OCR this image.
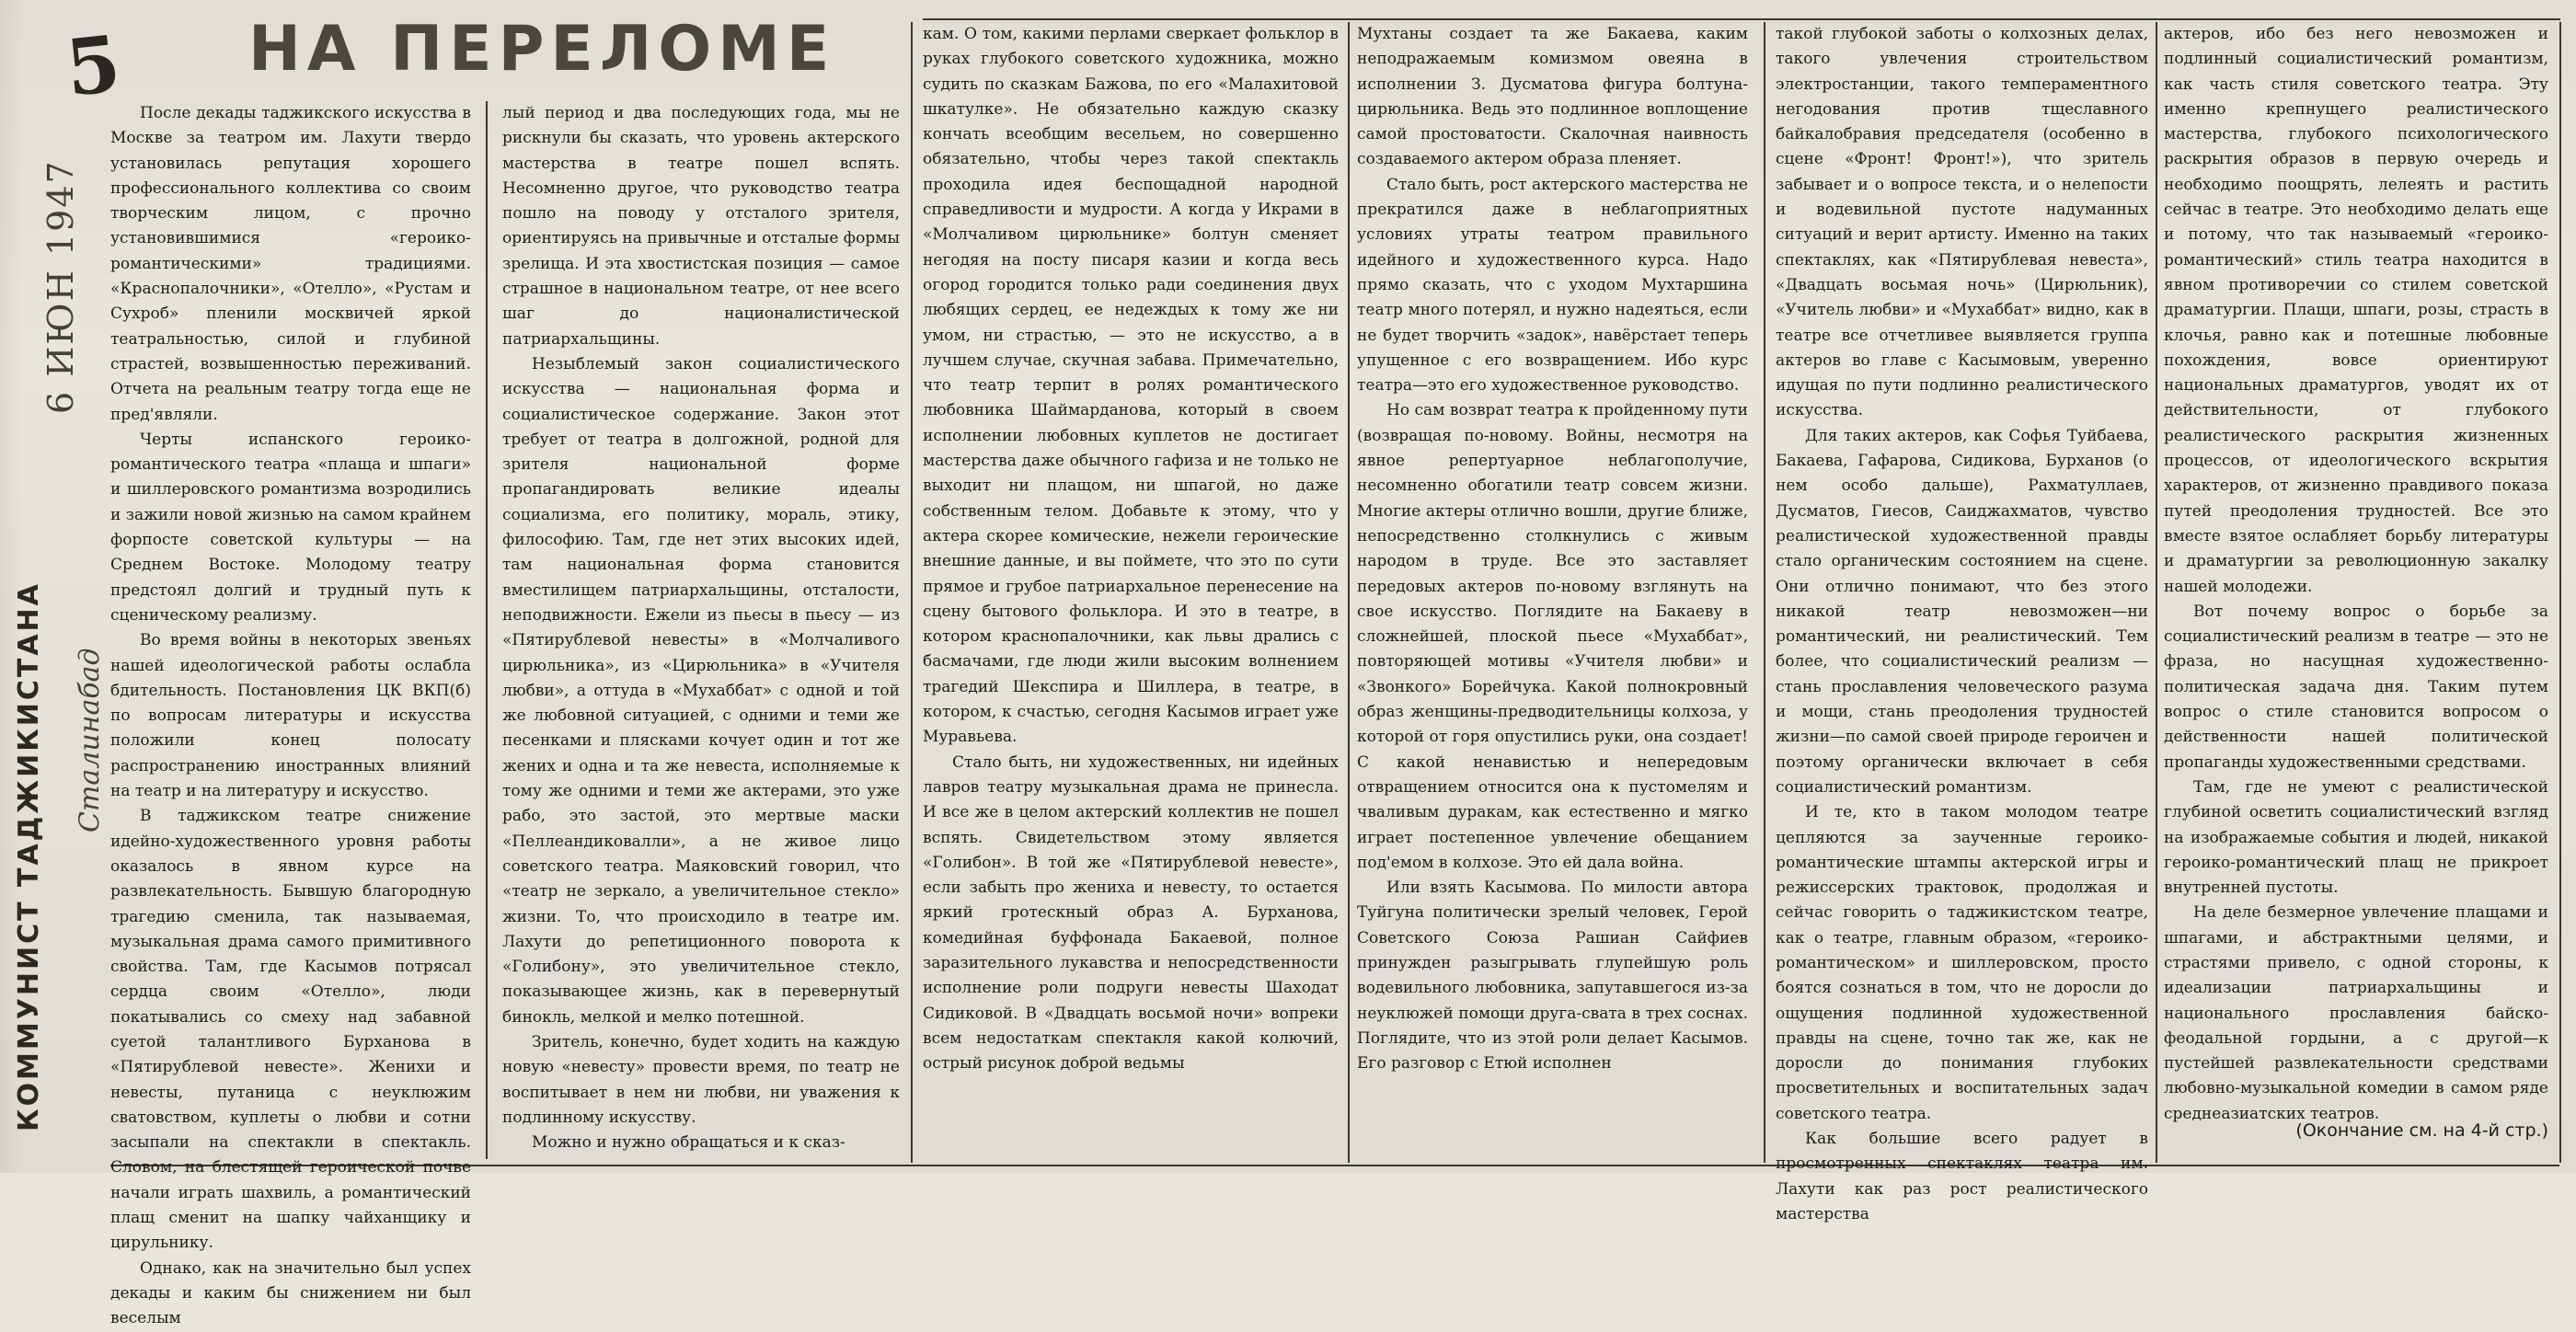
5
6 ИЮН 1947
Сталинабад
КОММУНИСТ ТАДЖИКИСТАНА
НА ПЕРЕЛОМЕ

После декады таджикского искусства в Москве за театром им. Лахути твердо установилась репутация хорошего профессионального коллектива со своим творческим лицом, с прочно установившимися «героико-романтическими» традициями. «Краснопалочники», «Отелло», «Рустам и Сухроб» пленили москвичей яркой театральностью, силой и глубиной страстей, возвышенностью переживаний. Отчета на реальным театру тогда еще не пред'являли.

Черты испанского героико-романтического театра «плаща и шпаги» и шиллеровского романтизма возродились и зажили новой жизнью на самом крайнем форпосте советской культуры — на Среднем Востоке. Молодому театру предстоял долгий и трудный путь к сценическому реализму.

Во время войны в некоторых звеньях нашей идеологической работы ослабла бдительность. Постановления ЦК ВКП(б) по вопросам литературы и искусства положили конец полосату распространению иностранных влияний на театр и на литературу и искусство.

В таджикском театре снижение идейно-художественного уровня работы оказалось в явном курсе на развлекательность. Бывшую благородную трагедию сменила, так называемая, музыкальная драма самого примитивного свойства. Там, где Касымов потрясал сердца своим «Отелло», люди покатывались со смеху над забавной суетой талантливого Бурханова в «Пятирублевой невесте». Женихи и невесты, путаница с неуклюжим сватовством, куплеты о любви и сотни засыпали на спектакли в спектакль. Словом, на блестящей героической почве начали играть шахвиль, а романтический плащ сменит на шапку чайханщику и цирульнику.

Однако, как на значительно был успех декады и каким бы снижением ни был веселым

лый период и два последующих года, мы не рискнули бы сказать, что уровень актерского мастерства в театре пошел вспять. Несомненно другое, что руководство театра пошло на поводу у отсталого зрителя, ориентируясь на привычные и отсталые формы зрелища. И эта хвостистская позиция — самое страшное в национальном театре, от нее всего шаг до националистической патриархальщины.

Незыблемый закон социалистического искусства — национальная форма и социалистическое содержание. Закон этот требует от театра в долгожной, родной для зрителя национальной форме пропагандировать великие идеалы социализма, его политику, мораль, этику, философию. Там, где нет этих высоких идей, там национальная форма становится вместилищем патриархальщины, отсталости, неподвижности. Ежели из пьесы в пьесу — из «Пятирублевой невесты» в «Молчаливого цирюльника», из «Цирюльника» в «Учителя любви», а оттуда в «Мухаббат» с одной и той же любовной ситуацией, с одними и теми же песенками и плясками кочует один и тот же жених и одна и та же невеста, исполняемые к тому же одними и теми же актерами, это уже рабо, это застой, это мертвые маски «Пеллеандиковалли», а не живое лицо советского театра. Маяковский говорил, что «театр не зеркало, а увеличительное стекло» жизни. То, что происходило в театре им. Лахути до репетиционного поворота к «Голибону», это увеличительное стекло, показывающее жизнь, как в перевернутый бинокль, мелкой и мелко потешной.

Зритель, конечно, будет ходить на каждую новую «невесту» провести время, по театр не воспитывает в нем ни любви, ни уважения к подлинному искусству.

Можно и нужно обращаться и к сказ-

кам. О том, какими перлами сверкает фольклор в руках глубокого советского художника, можно судить по сказкам Бажова, по его «Малахитовой шкатулке». Не обязательно каждую сказку кончать всеобщим весельем, но совершенно обязательно, чтобы через такой спектакль проходила идея беспощадной народной справедливости и мудрости. А когда у Икрами в «Молчаливом цирюльнике» болтун сменяет негодяя на посту писаря казии и когда весь огород городится только ради соединения двух любящих сердец, ее недеждых к тому же ни умом, ни страстью, — это не искусство, а в лучшем случае, скучная забава. Примечательно, что театр терпит в ролях романтического любовника Шаймарданова, который в своем исполнении любовных куплетов не достигает мастерства даже обычного гафиза и не только не выходит ни плащом, ни шпагой, но даже собственным телом. Добавьте к этому, что у актера скорее комические, нежели героические внешние данные, и вы поймете, что это по сути прямое и грубое патриархальное перенесение на сцену бытового фольклора. И это в театре, в котором краснопалочники, как львы дрались с басмачами, где люди жили высоким волнением трагедий Шекспира и Шиллера, в театре, в котором, к счастью, сегодня Касымов играет уже Муравьева.

Стало быть, ни художественных, ни идейных лавров театру музыкальная драма не принесла. И все же в целом актерский коллектив не пошел вспять. Свидетельством этому является «Голибон». В той же «Пятирублевой невесте», если забыть про жениха и невесту, то остается яркий гротескный образ А. Бурханова, комедийная буффонада Бакаевой, полное заразительного лукавства и непосредственности исполнение роли подруги невесты Шаходат Сидиковой. В «Двадцать восьмой ночи» вопреки всем недостаткам спектакля какой колючий, острый рисунок доброй ведьмы

Мухтаны создает та же Бакаева, каким неподражаемым комизмом овеяна в исполнении З. Дусматова фигура болтуна-цирюльника. Ведь это подлинное воплощение самой простоватости. Скалочная наивность создаваемого актером образа пленяет.

Стало быть, рост актерского мастерства не прекратился даже в неблагоприятных условиях утраты театром правильного идейного и художественного курса. Надо прямо сказать, что с уходом Мухтаршина театр много потерял, и нужно надеяться, если не будет творчить «задок», навёрстает теперь упущенное с его возвращением. Ибо курс театра—это его художественное руководство.

Но сам возврат театра к пройденному пути (возвращая по-новому. Войны, несмотря на явное репертуарное неблагополучие, несомненно обогатили театр совсем жизни. Многие актеры отлично вошли, другие ближе, непосредственно столкнулись с живым народом в труде. Все это заставляет передовых актеров по-новому взглянуть на свое искусство. Поглядите на Бакаеву в сложнейшей, плоской пьесе «Мухаббат», повторяющей мотивы «Учителя любви» и «Звонкого» Борейчука. Какой полнокровный образ женщины-предводительницы колхоза, у которой от горя опустились руки, она создает! С какой ненавистью и непередовым отвращением относится она к пустомелям и чваливым дуракам, как естественно и мягко играет постепенное увлечение обещанием под'емом в колхозе. Это ей дала война.

Или взять Касымова. По милости автора Туйгуна политически зрелый человек, Герой Советского Союза Рашиан Сайфиев принужден разыгрывать глупейшую роль водевильного любовника, запутавшегося из-за неуклюжей помощи друга-свата в трех соснах. Поглядите, что из этой роли делает Касымов. Его разговор с Етюй исполнен

такой глубокой заботы о колхозных делах, такого увлечения строительством электростанции, такого темпераментного негодования против тщеславного байкалобравия председателя (особенно в сцене «Фронт! Фронт!»), что зритель забывает и о вопросе текста, и о нелепости и водевильной пустоте надуманных ситуаций и верит артисту. Именно на таких спектаклях, как «Пятирублевая невеста», «Двадцать восьмая ночь» (Цирюльник), «Учитель любви» и «Мухаббат» видно, как в театре все отчетливее выявляется группа актеров во главе с Касымовым, уверенно идущая по пути подлинно реалистического искусства.

Для таких актеров, как Софья Туйбаева, Бакаева, Гафарова, Сидикова, Бурханов (о нем особо дальше), Рахматуллаев, Дусматов, Гиесов, Саиджахматов, чувство реалистической художественной правды стало органическим состоянием на сцене. Они отлично понимают, что без этого никакой театр невозможен—ни романтический, ни реалистический. Тем более, что социалистический реализм — стань прославления человеческого разума и мощи, стань преодоления трудностей жизни—по самой своей природе героичен и поэтому органически включает в себя социалистический романтизм.

И те, кто в таком молодом театре цепляются за заученные героико-романтические штампы актерской игры и режиссерских трактовок, продолжая и сейчас говорить о таджикистском театре, как о театре, главным образом, «героико-романтическом» и шиллеровском, просто боятся сознаться в том, что не доросли до ощущения подлинной художественной правды на сцене, точно так же, как не доросли до понимания глубоких просветительных и воспитательных задач советского театра.

Как большие всего радует в просмотренных спектаклях театра им. Лахути как раз рост реалистического мастерства

актеров, ибо без него невозможен и подлинный социалистический романтизм, как часть стиля советского театра. Эту именно крепнущего реалистического мастерства, глубокого психологического раскрытия образов в первую очередь и необходимо поощрять, лелеять и растить сейчас в театре. Это необходимо делать еще и потому, что так называемый «героико-романтический» стиль театра находится в явном противоречии со стилем советской драматургии. Плащи, шпаги, розы, страсть в клочья, равно как и потешные любовные похождения, вовсе ориентируют национальных драматургов, уводят их от действительности, от глубокого реалистического раскрытия жизненных процессов, от идеологического вскрытия характеров, от жизненно правдивого показа путей преодоления трудностей. Все это вместе взятое ослабляет борьбу литературы и драматургии за революционную закалку нашей молодежи.

Вот почему вопрос о борьбе за социалистический реализм в театре — это не фраза, но насущная художественно-политическая задача дня. Таким путем вопрос о стиле становится вопросом о действенности нашей политической пропаганды художественными средствами.

Там, где не умеют с реалистической глубиной осветить социалистический взгляд на изображаемые события и людей, никакой героико-романтический плащ не прикроет внутренней пустоты.

На деле безмерное увлечение плащами и шпагами, и абстрактными целями, и страстями привело, с одной стороны, к идеализации патриархальщины и национального прославления байско-феодальной гордыни, а с другой—к пустейшей развлекательности средствами любовно-музыкальной комедии в самом ряде среднеазиатских театров.

(Окончание см. на 4-й стр.)
